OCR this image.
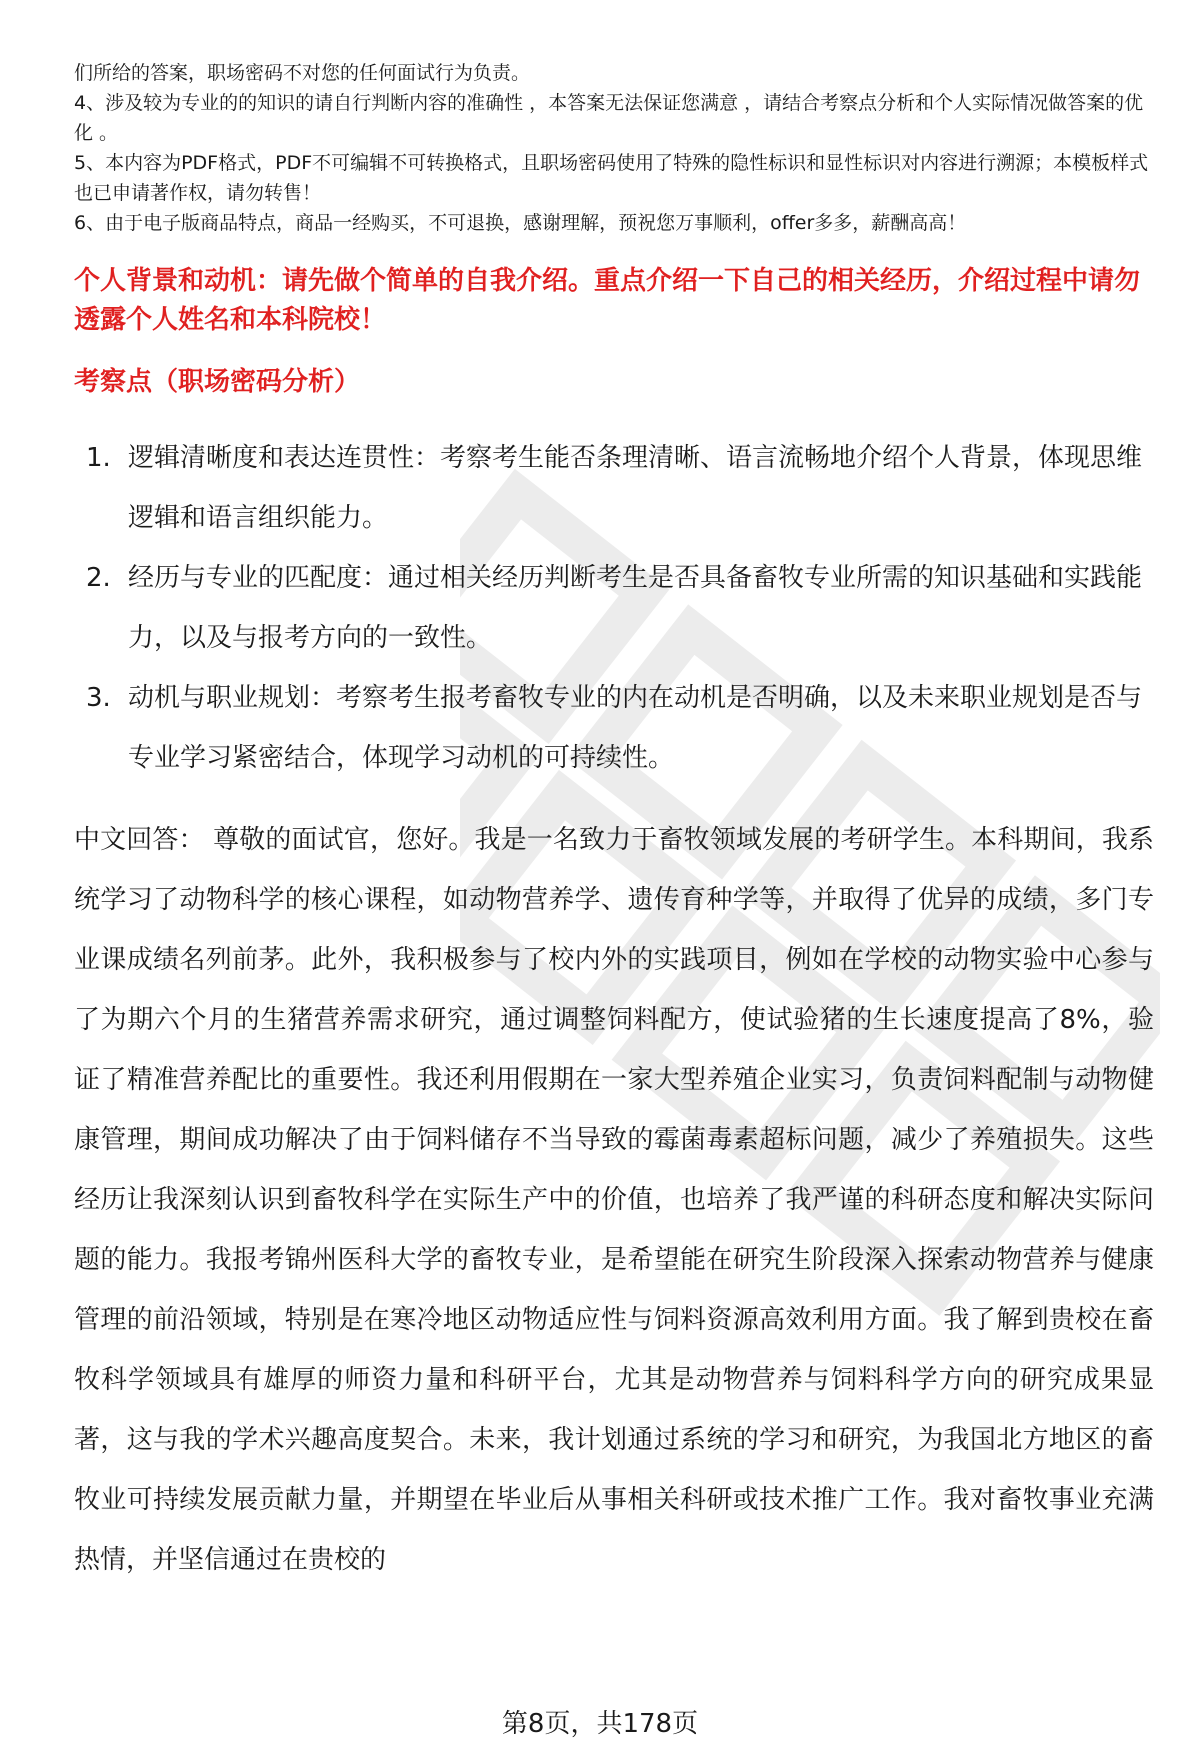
们所给的答案，职场密码不对您的任何面试行为负责。

4、涉及较为专业的的知识的请自行判断内容的准确性 ，本答案无法保证您满意 ，请结合考察点分析和个人实际情况做答案的优化 。

5、本内容为PDF格式，PDF不可编辑不可转换格式，且职场密码使用了特殊的隐性标识和显性标识对内容进行溯源；本模板样式也已申请著作权，请勿转售！

6、由于电子版商品特点，商品一经购买，不可退换，感谢理解，预祝您万事顺利，offer多多，薪酬高高！

个人背景和动机：请先做个简单的自我介绍。重点介绍一下自己的相关经历，介绍过程中请勿透露个人姓名和本科院校！

考察点（职场密码分析）

1. 逻辑清晰度和表达连贯性：考察考生能否条理清晰、语言流畅地介绍个人背景，体现思维逻辑和语言组织能力。
2. 经历与专业的匹配度：通过相关经历判断考生是否具备畜牧专业所需的知识基础和实践能力，以及与报考方向的一致性。
3. 动机与职业规划：考察考生报考畜牧专业的内在动机是否明确，以及未来职业规划是否与专业学习紧密结合，体现学习动机的可持续性。

中文回答： 尊敬的面试官，您好。我是一名致力于畜牧领域发展的考研学生。本科期间，我系统学习了动物科学的核心课程，如动物营养学、遗传育种学等，并取得了优异的成绩，多门专业课成绩名列前茅。此外，我积极参与了校内外的实践项目，例如在学校的动物实验中心参与了为期六个月的生猪营养需求研究，通过调整饲料配方，使试验猪的生长速度提高了8%，验证了精准营养配比的重要性。我还利用假期在一家大型养殖企业实习，负责饲料配制与动物健康管理，期间成功解决了由于饲料储存不当导致的霉菌毒素超标问题，减少了养殖损失。这些经历让我深刻认识到畜牧科学在实际生产中的价值，也培养了我严谨的科研态度和解决实际问题的能力。我报考锦州医科大学的畜牧专业，是希望能在研究生阶段深入探索动物营养与健康管理的前沿领域，特别是在寒冷地区动物适应性与饲料资源高效利用方面。我了解到贵校在畜牧科学领域具有雄厚的师资力量和科研平台，尤其是动物营养与饲料科学方向的研究成果显著，这与我的学术兴趣高度契合。未来，我计划通过系统的学习和研究，为我国北方地区的畜牧业可持续发展贡献力量，并期望在毕业后从事相关科研或技术推广工作。我对畜牧事业充满热情，并坚信通过在贵校的

第8页，共178页
